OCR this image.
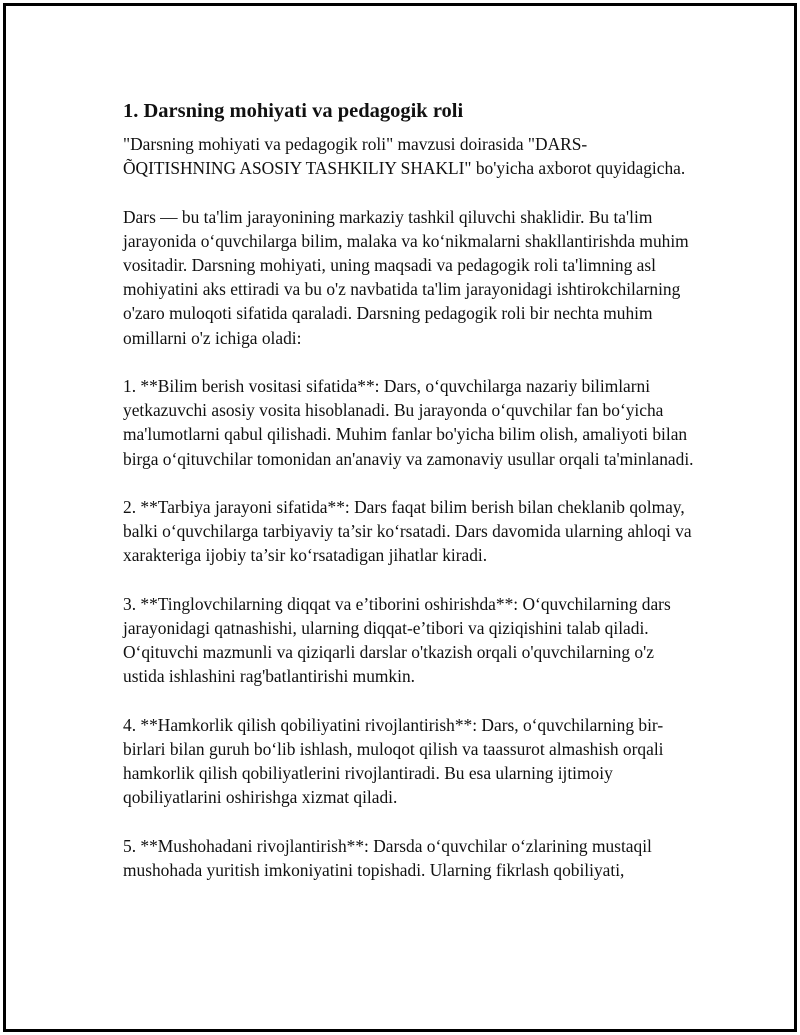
1. Darsning mohiyati va pedagogik roli

"Darsning mohiyati va pedagogik roli" mavzusi doirasida "DARS-ÕQITISHNING ASOSIY TASHKILIY SHAKLI" bo'yicha axborot quyidagicha.

Dars — bu ta'lim jarayonining markaziy tashkil qiluvchi shaklidir. Bu ta'lim jarayonida o‘quvchilarga bilim, malaka va ko‘nikmalarni shakllantirishda muhim vositadir. Darsning mohiyati, uning maqsadi va pedagogik roli ta'limning asl mohiyatini aks ettiradi va bu o'z navbatida ta'lim jarayonidagi ishtirokchilarning o'zaro muloqoti sifatida qaraladi. Darsning pedagogik roli bir nechta muhim omillarni o'z ichiga oladi:

1. **Bilim berish vositasi sifatida**: Dars, o‘quvchilarga nazariy bilimlarni yetkazuvchi asosiy vosita hisoblanadi. Bu jarayonda o‘quvchilar fan bo‘yicha ma'lumotlarni qabul qilishadi. Muhim fanlar bo'yicha bilim olish, amaliyoti bilan birga o‘qituvchilar tomonidan an'anaviy va zamonaviy usullar orqali ta'minlanadi.

2. **Tarbiya jarayoni sifatida**: Dars faqat bilim berish bilan cheklanib qolmay, balki o‘quvchilarga tarbiyaviy ta’sir ko‘rsatadi. Dars davomida ularning ahloqi va xarakteriga ijobiy ta’sir ko‘rsatadigan jihatlar kiradi.

3. **Tinglovchilarning diqqat va e’tiborini oshirishda**: O‘quvchilarning dars jarayonidagi qatnashishi, ularning diqqat-e’tibori va qiziqishini talab qiladi. O‘qituvchi mazmunli va qiziqarli darslar o'tkazish orqali o'quvchilarning o'z ustida ishlashini rag'batlantirishi mumkin.

4. **Hamkorlik qilish qobiliyatini rivojlantirish**: Dars, o‘quvchilarning bir-birlari bilan guruh bo‘lib ishlash, muloqot qilish va taassurot almashish orqali hamkorlik qilish qobiliyatlerini rivojlantiradi. Bu esa ularning ijtimoiy qobiliyatlarini oshirishga xizmat qiladi.

5. **Mushohadani rivojlantirish**: Darsda o‘quvchilar o‘zlarining mustaqil mushohada yuritish imkoniyatini topishadi. Ularning fikrlash qobiliyati,
